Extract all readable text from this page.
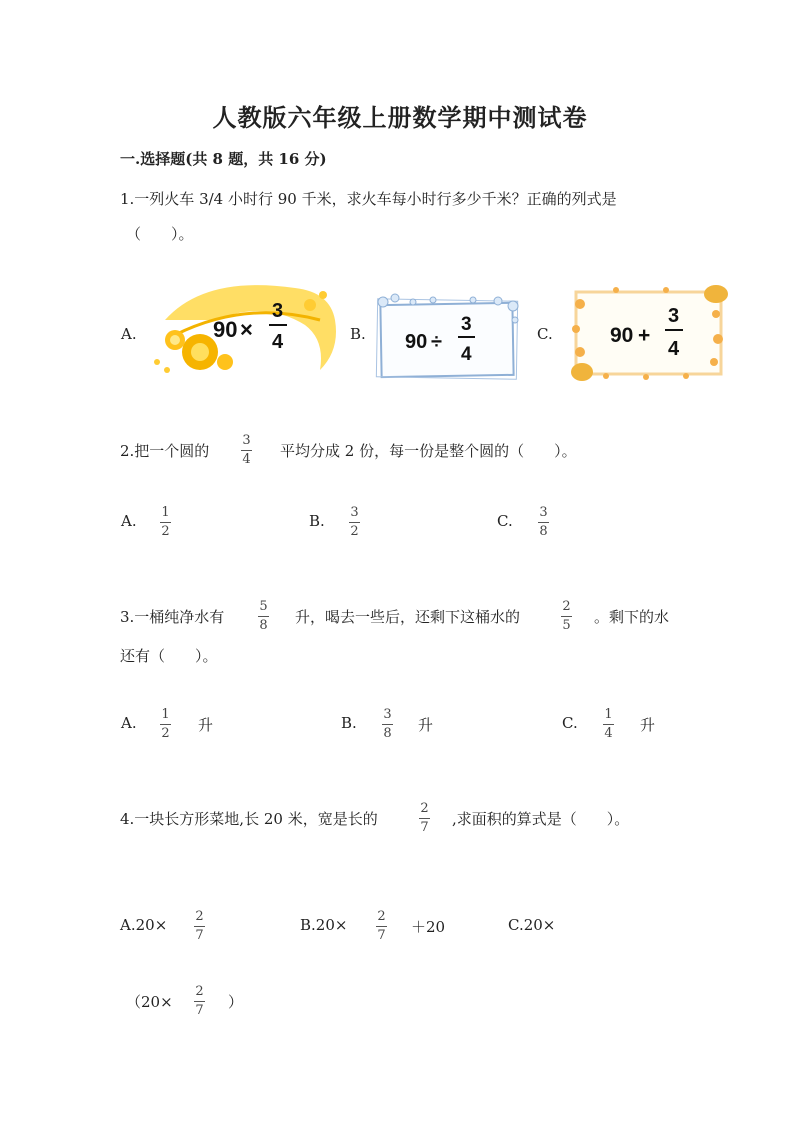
人教版六年级上册数学期中测试卷
一.选择题(共 8 题，共 16 分)
1.一列火车 3/4 小时行 90 千米，求火车每小时行多少千米？正确的列式是
（　　）。
A.	90 ×
3
4	B. 90 ÷
3
4
C.	90 +
3
4
2.把一个圆的
3
4 平均分成 2 份，每一份是整个圆的（　　）。
A. 1
2
B. 3
2
C. 3
8
3.一桶纯净水有
5
8 升，喝去一些后，还剩下这桶水的
2
5 。剩下的水
还有（　　）。
A. 1
2 升	B. 3
8 升	C. 1
4 升
4.一块长方形菜地,长 20 米，宽是长的
2
7 ,求面积的算式是（　　）。
A.20× 2
7
B.20× 2
7 ＋20	C.20×
（20×
2
7 ）
